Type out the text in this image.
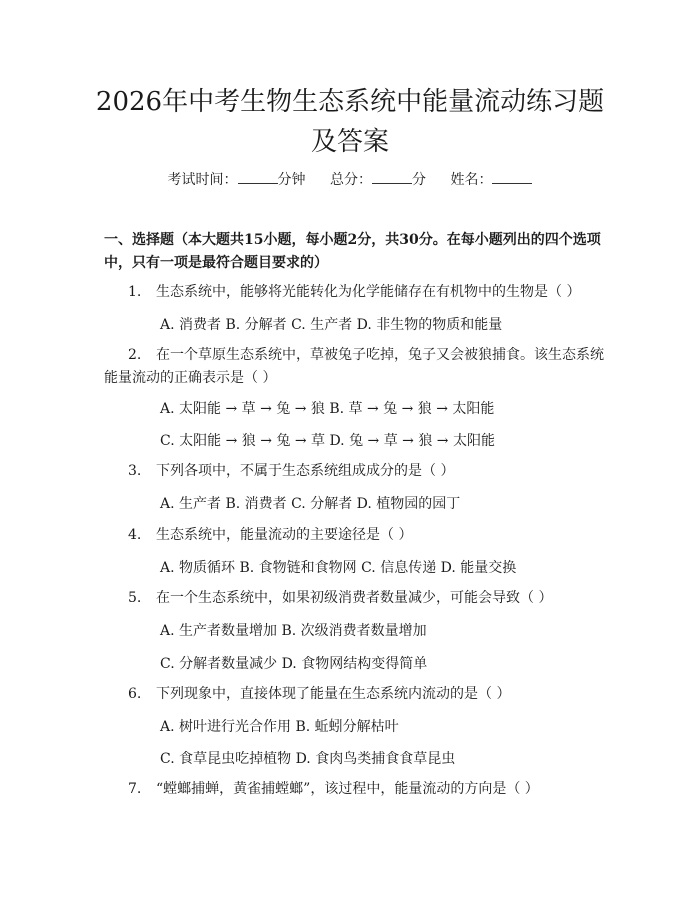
2026年中考生物生态系统中能量流动练习题
及答案
考试时间：	分钟 总分：	分 姓名：
一、选择题（本大题共15小题，每小题2分，共30分。在每小题列出的四个选项中，只有一项是最符合题目要求的）
1. 生态系统中，能够将光能转化为化学能储存在有机物中的生物是（ ）
A. 消费者 B. 分解者 C. 生产者 D. 非生物的物质和能量
2. 在一个草原生态系统中，草被兔子吃掉，兔子又会被狼捕食。该生态系统能量流动的正确表示是（ ）
A. 太阳能 → 草 → 兔 → 狼 B. 草 → 兔 → 狼 → 太阳能
C. 太阳能 → 狼 → 兔 → 草 D. 兔 → 草 → 狼 → 太阳能
3. 下列各项中，不属于生态系统组成成分的是（ ）
A. 生产者 B. 消费者 C. 分解者 D. 植物园的园丁
4. 生态系统中，能量流动的主要途径是（ ）
A. 物质循环 B. 食物链和食物网 C. 信息传递 D. 能量交换
5. 在一个生态系统中，如果初级消费者数量减少，可能会导致（ ）
A. 生产者数量增加 B. 次级消费者数量增加
C. 分解者数量减少 D. 食物网结构变得简单
6. 下列现象中，直接体现了能量在生态系统内流动的是（ ）
A. 树叶进行光合作用 B. 蚯蚓分解枯叶
C. 食草昆虫吃掉植物 D. 食肉鸟类捕食食草昆虫
7. “螳螂捕蝉，黄雀捕螳螂”，该过程中，能量流动的方向是（ ）
